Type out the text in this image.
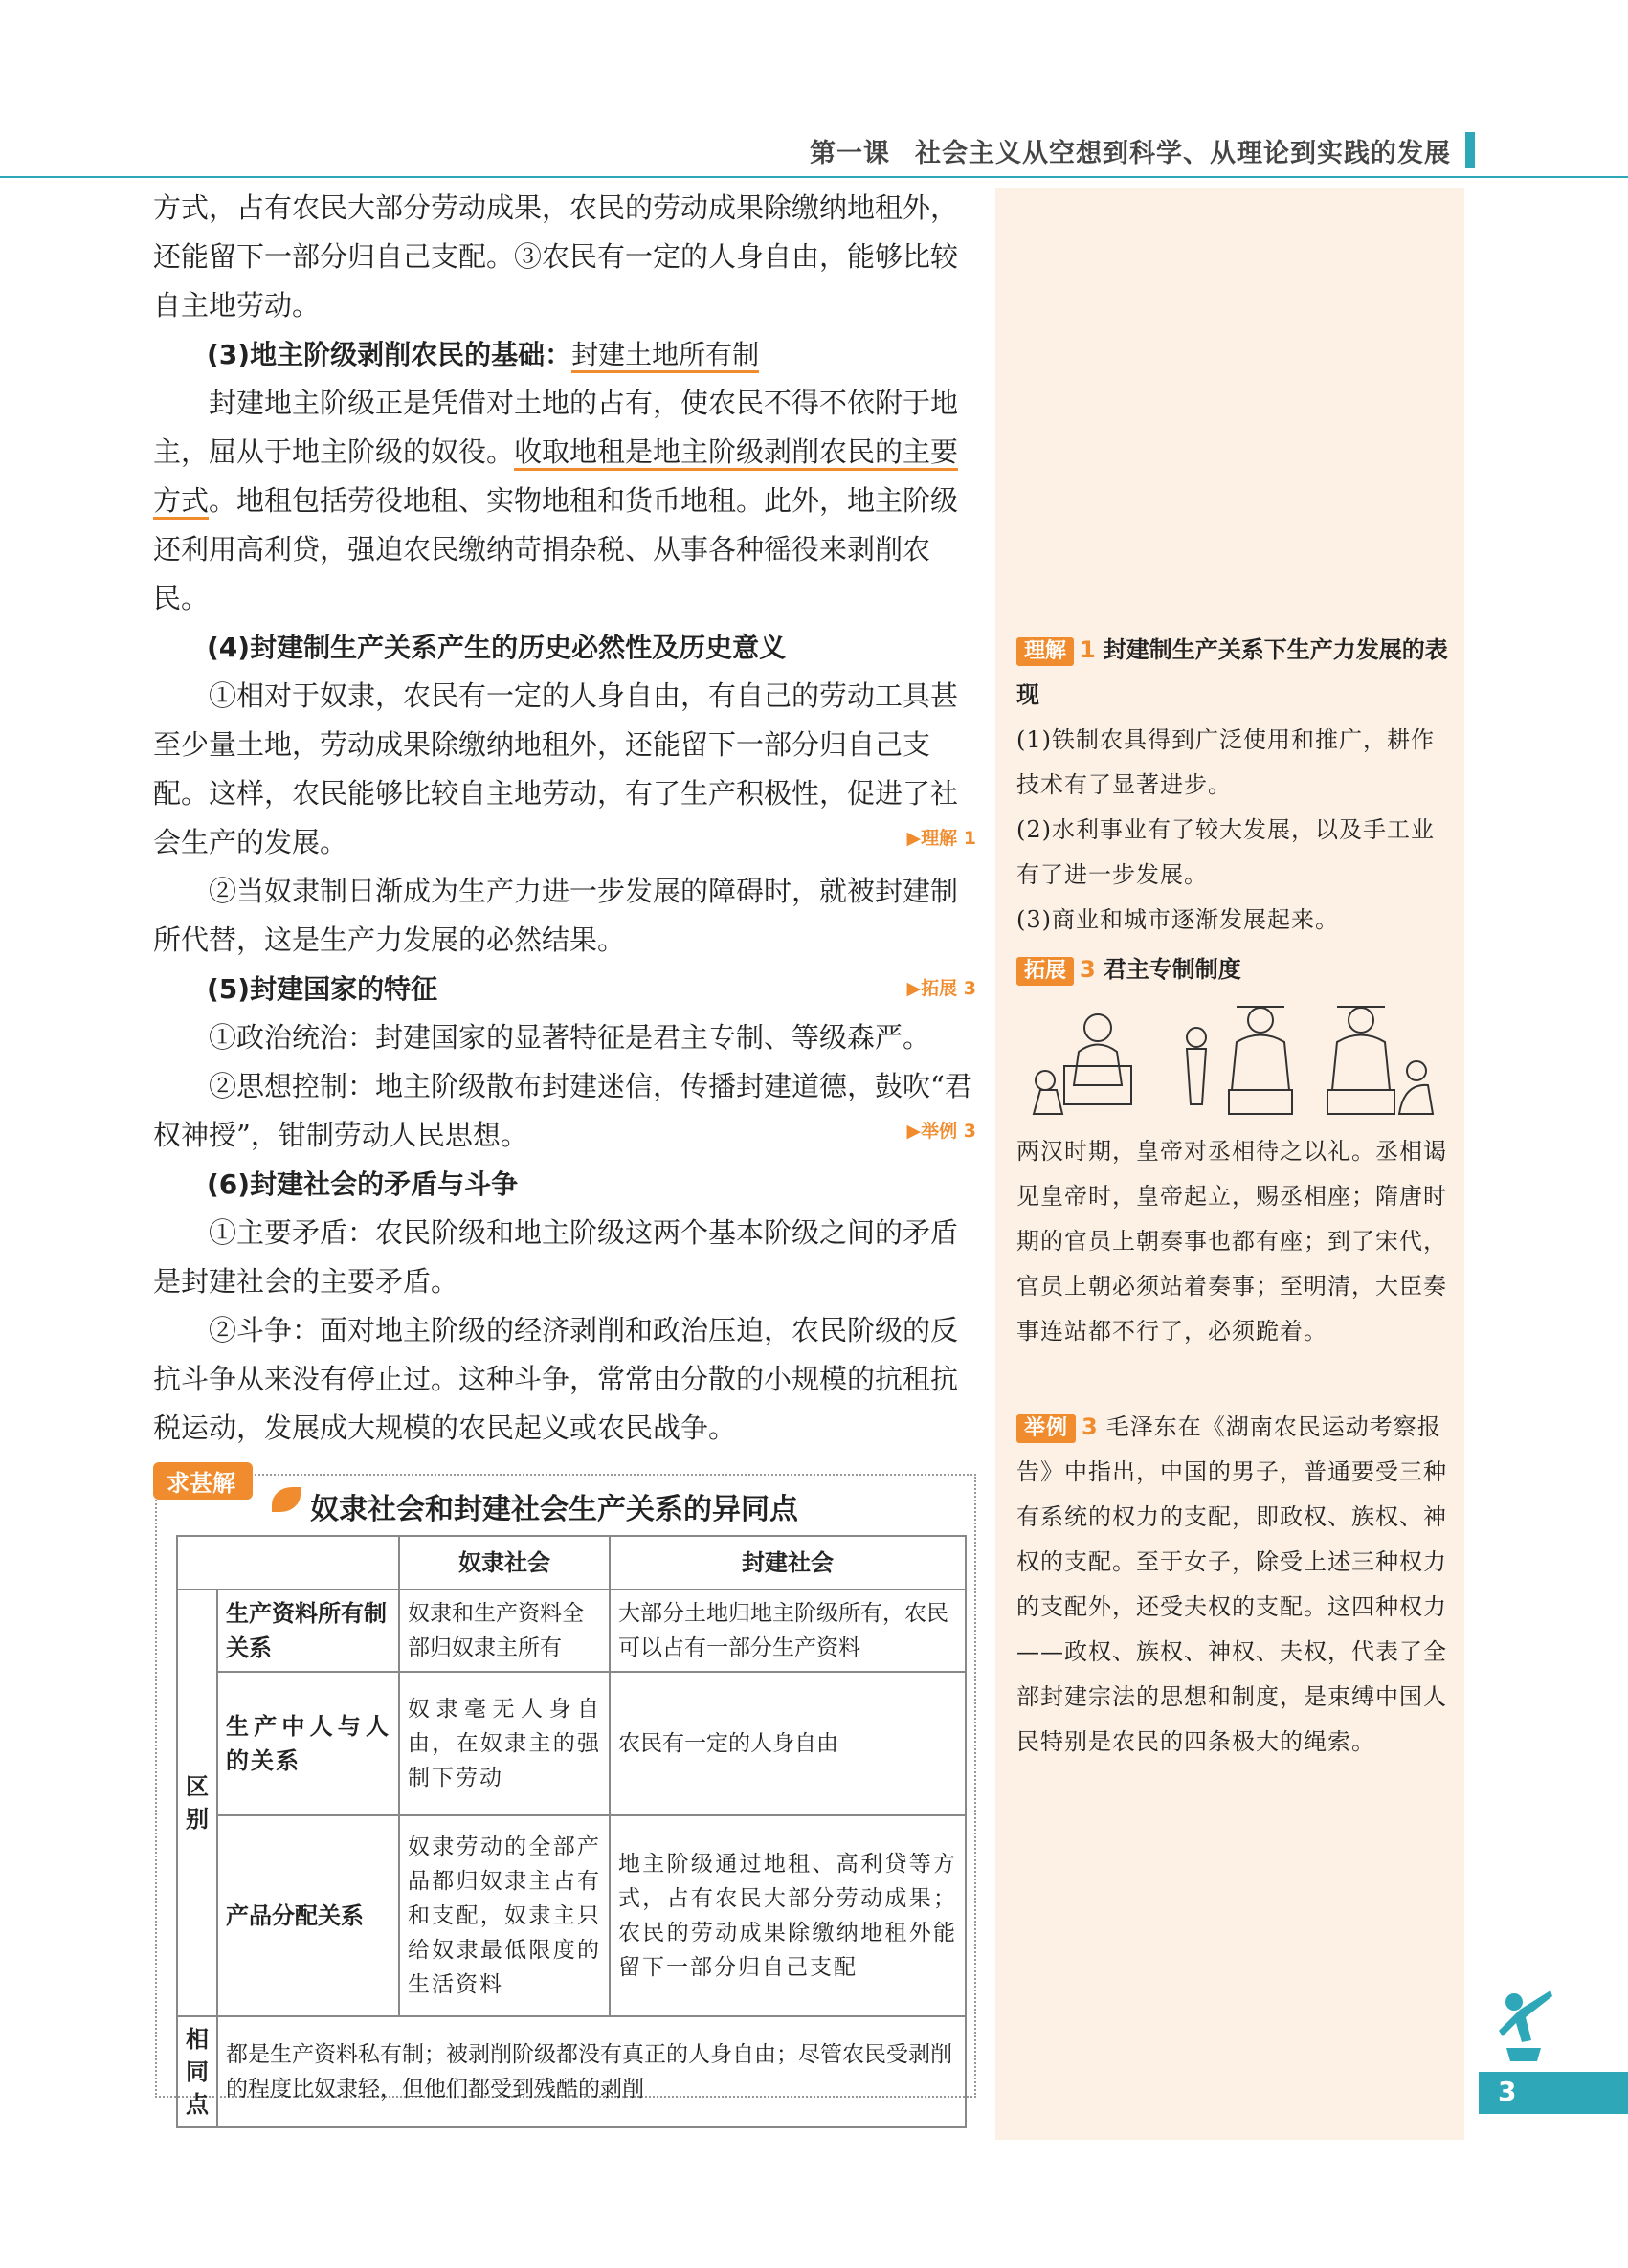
第一课 社会主义从空想到科学、从理论到实践的发展

方式，占有农民大部分劳动成果，农民的劳动成果除缴纳地租外，还能留下一部分归自己支配。③农民有一定的人身自由，能够比较自主地劳动。

(3)地主阶级剥削农民的基础：封建土地所有制

封建地主阶级正是凭借对土地的占有，使农民不得不依附于地主，屈从于地主阶级的奴役。收取地租是地主阶级剥削农民的主要方式。地租包括劳役地租、实物地租和货币地租。此外，地主阶级还利用高利贷，强迫农民缴纳苛捐杂税、从事各种徭役来剥削农民。

(4)封建制生产关系产生的历史必然性及历史意义

①相对于奴隶，农民有一定的人身自由，有自己的劳动工具甚至少量土地，劳动成果除缴纳地租外，还能留下一部分归自己支配。这样，农民能够比较自主地劳动，有了生产积极性，促进了社会生产的发展。	▶理解 1

②当奴隶制日渐成为生产力进一步发展的障碍时，就被封建制所代替，这是生产力发展的必然结果。

(5)封建国家的特征	▶拓展 3

①政治统治：封建国家的显著特征是君主专制、等级森严。

②思想控制：地主阶级散布封建迷信，传播封建道德，鼓吹“君权神授”，钳制劳动人民思想。	▶举例 3

(6)封建社会的矛盾与斗争

①主要矛盾：农民阶级和地主阶级这两个基本阶级之间的矛盾是封建社会的主要矛盾。

②斗争：面对地主阶级的经济剥削和政治压迫，农民阶级的反抗斗争从来没有停止过。这种斗争，常常由分散的小规模的抗租抗税运动，发展成大规模的农民起义或农民战争。

理解 1 封建制生产关系下生产力发展的表现

(1)铁制农具得到广泛使用和推广，耕作技术有了显著进步。

(2)水利事业有了较大发展，以及手工业有了进一步发展。

(3)商业和城市逐渐发展起来。

拓展 3 君主专制制度

两汉时期，皇帝对丞相待之以礼。丞相谒见皇帝时，皇帝起立，赐丞相座；隋唐时期的官员上朝奏事也都有座；到了宋代，官员上朝必须站着奏事；至明清，大臣奏事连站都不行了，必须跪着。

举例 3 毛泽东在《湖南农民运动考察报告》中指出，中国的男子，普通要受三种有系统的权力的支配，即政权、族权、神权的支配。至于女子，除受上述三种权力的支配外，还受夫权的支配。这四种权力——政权、族权、神权、夫权，代表了全部封建宗法的思想和制度，是束缚中国人民特别是农民的四条极大的绳索。

求甚解
奴隶社会和封建社会生产关系的异同点
		奴隶社会	封建社会
区别	生产资料所有制关系	奴隶和生产资料全部归奴隶主所有	大部分土地归地主阶级所有，农民可以占有一部分生产资料
	生产中人与人的关系	奴隶毫无人身自由，在奴隶主的强制下劳动	农民有一定的人身自由
	产品分配关系	奴隶劳动的全部产品都归奴隶主占有和支配，奴隶主只给奴隶最低限度的生活资料	地主阶级通过地租、高利贷等方式，占有农民大部分劳动成果；农民的劳动成果除缴纳地租外能留下一部分归自己支配
相同点	都是生产资料私有制；被剥削阶级都没有真正的人身自由；尽管农民受剥削的程度比奴隶轻，但他们都受到残酷的剥削			3
